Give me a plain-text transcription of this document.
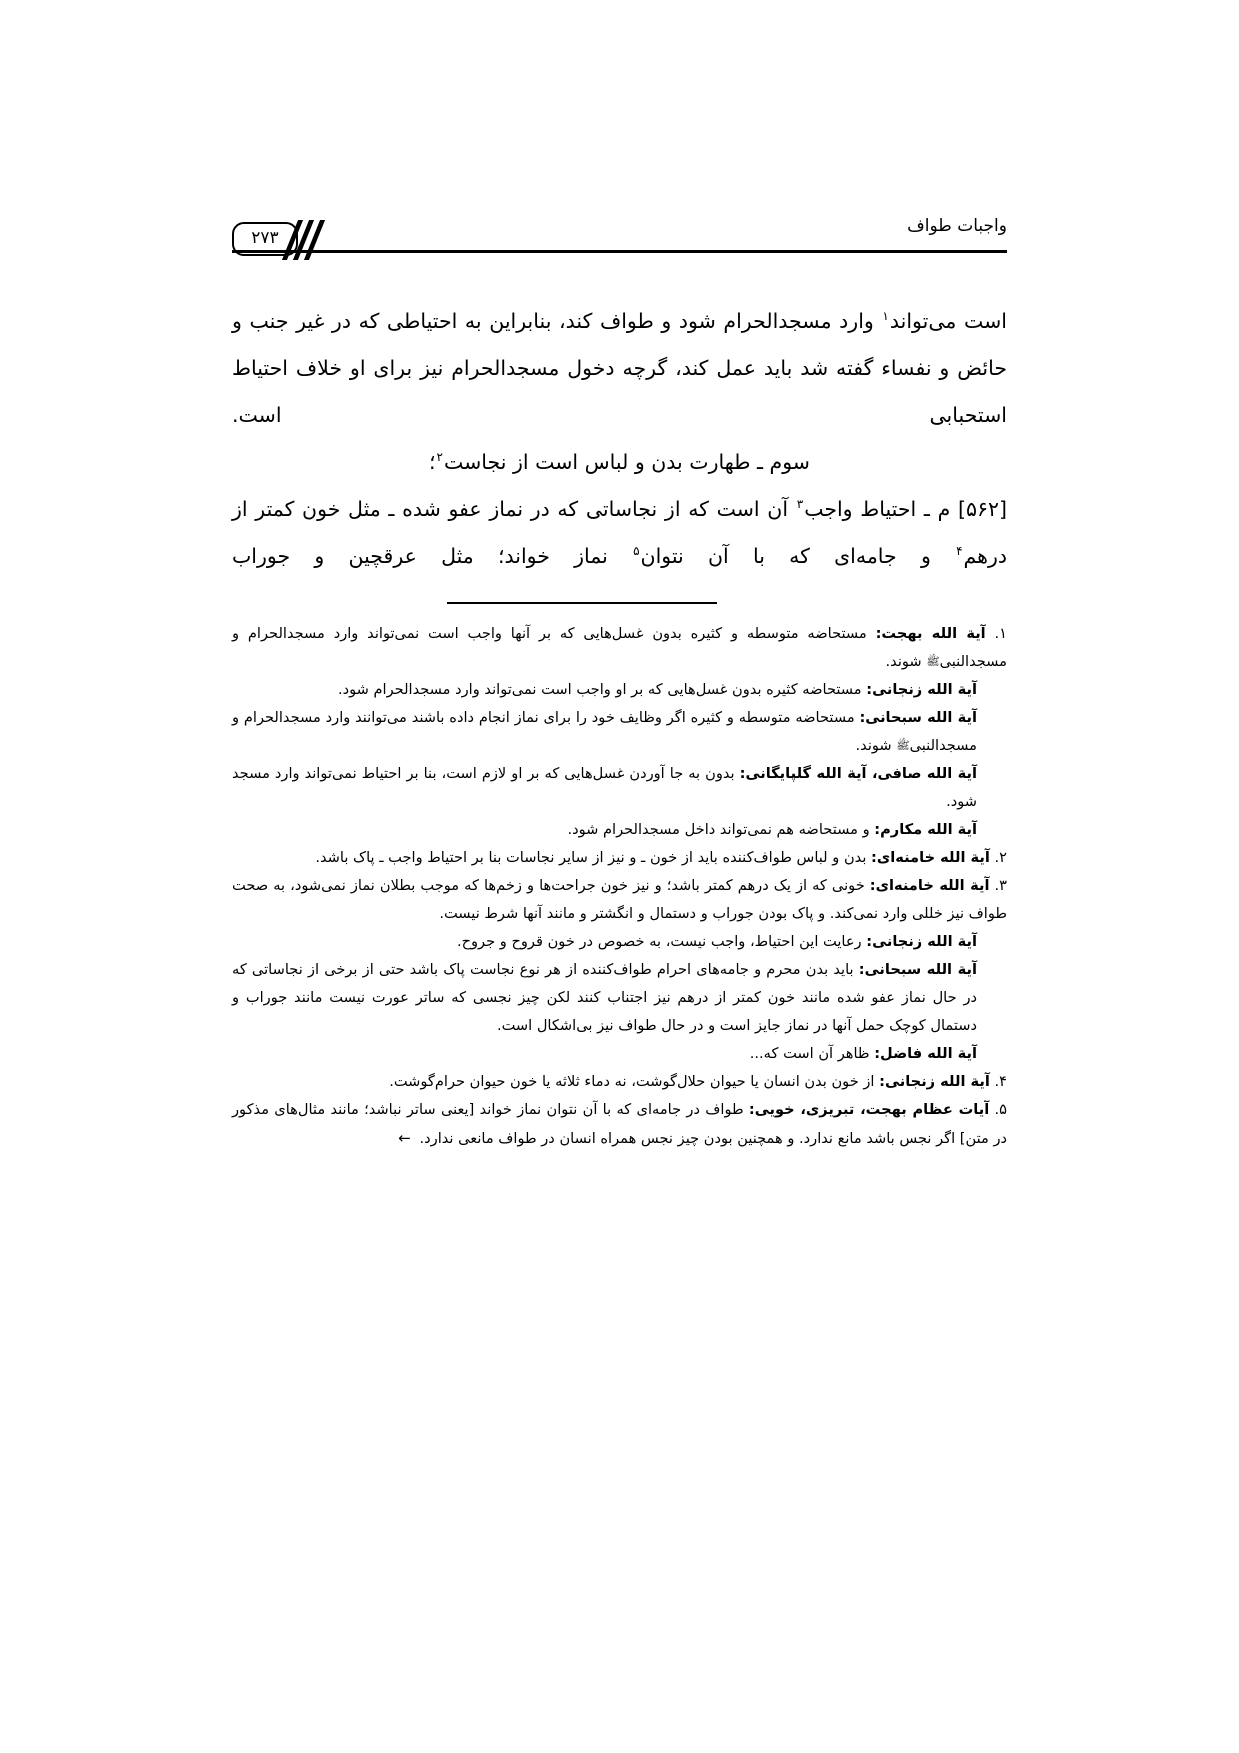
واجبات طواف
۲۷۳
است می‌تواند$^۱$ وارد مسجدالحرام شود و طواف کند، بنابراین به احتیاطی که در غیر جنب و حائض و نفساء گفته شد باید عمل کند، گرچه دخول مسجدالحرام نیز برای او خلاف احتیاط استحبابی است.
سوم ـ طهارت بدن و لباس است از نجاست$^۲$؛
[۵۶۲] م ـ احتیاط واجب$^۳$ آن است که از نجاساتی که در نماز عفو شده ـ مثل خون کمتر از درهم$^۴$ و جامه‌ای که با آن نتوان$^۵$ نماز خواند؛ مثل عرقچین و جوراب
۱. آیة الله بهجت: مستحاضه متوسطه و کثیره بدون غسل‌هایی که بر آنها واجب است نمی‌تواند وارد مسجدالحرام و مسجدالنبیﷺ شوند.
آیة الله زنجانی: مستحاضه کثیره بدون غسل‌هایی که بر او واجب است نمی‌تواند وارد مسجدالحرام شود.
آیة الله سبحانی: مستحاضه متوسطه و کثیره اگر وظایف خود را برای نماز انجام داده باشند می‌توانند وارد مسجدالحرام و مسجدالنبیﷺ شوند.
آیة الله صافی، آیة الله گلپایگانی: بدون به جا آوردن غسل‌هایی که بر او لازم است، بنا بر احتیاط نمی‌تواند وارد مسجد شود.
آیة الله مکارم: و مستحاضه هم نمی‌تواند داخل مسجدالحرام شود.
۲. آیة الله خامنه‌ای: بدن و لباس طواف‌کننده باید از خون ـ و نیز از سایر نجاسات بنا بر احتیاط واجب ـ پاک باشد.
۳. آیة الله خامنه‌ای: خونی که از یک درهم کمتر باشد؛ و نیز خون جراحت‌ها و زخم‌ها که موجب بطلان نماز نمی‌شود، به صحت طواف نیز خللی وارد نمی‌کند. و پاک بودن جوراب و دستمال و انگشتر و مانند آنها شرط نیست.
آیة الله زنجانی: رعایت این احتیاط، واجب نیست، به خصوص در خون قروح و جروح.
آیة الله سبحانی: باید بدن محرم و جامه‌های احرام طواف‌کننده از هر نوع نجاست پاک باشد حتی از برخی از نجاساتی که در حال نماز عفو شده مانند خون کمتر از درهم نیز اجتناب کنند لکن چیز نجسی که ساتر عورت نیست مانند جوراب و دستمال کوچک حمل آنها در نماز جایز است و در حال طواف نیز بی‌اشکال است.
آیة الله فاضل: ظاهر آن است که...
۴. آیة الله زنجانی: از خون بدن انسان یا حیوان حلال‌گوشت، نه دماء ثلاثه یا خون حیوان حرام‌گوشت.
۵. آیات عظام بهجت، تبریزی، خویی: طواف در جامه‌ای که با آن نتوان نماز خواند [یعنی ساتر نباشد؛ مانند مثال‌های مذکور در متن] اگر نجس باشد مانع ندارد. و همچنین بودن چیز نجس همراه انسان در طواف مانعی ندارد. ←
